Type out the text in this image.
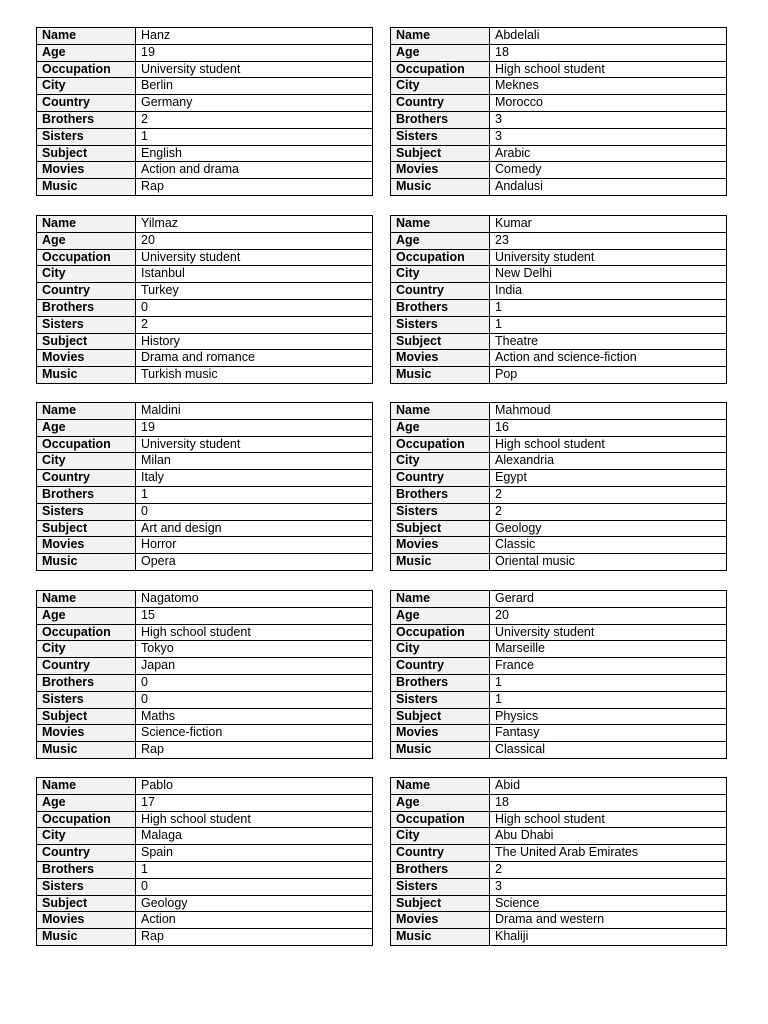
Name	Hanz
Age	19
Occupation	University student
City	Berlin
Country	Germany
Brothers	2
Sisters	1
Subject	English
Movies	Action and drama
Music	Rap
Name	Abdelali
Age	18
Occupation	High school student
City	Meknes
Country	Morocco
Brothers	3
Sisters	3
Subject	Arabic
Movies	Comedy
Music	Andalusi
Name	Yilmaz
Age	20
Occupation	University student
City	Istanbul
Country	Turkey
Brothers	0
Sisters	2
Subject	History
Movies	Drama and romance
Music	Turkish music
Name	Kumar
Age	23
Occupation	University student
City	New Delhi
Country	India
Brothers	1
Sisters	1
Subject	Theatre
Movies	Action and science-fiction
Music	Pop
Name	Maldini
Age	19
Occupation	University student
City	Milan
Country	Italy
Brothers	1
Sisters	0
Subject	Art and design
Movies	Horror
Music	Opera
Name	Mahmoud
Age	16
Occupation	High school student
City	Alexandria
Country	Egypt
Brothers	2
Sisters	2
Subject	Geology
Movies	Classic
Music	Oriental music
Name	Nagatomo
Age	15
Occupation	High school student
City	Tokyo
Country	Japan
Brothers	0
Sisters	0
Subject	Maths
Movies	Science-fiction
Music	Rap
Name	Gerard
Age	20
Occupation	University student
City	Marseille
Country	France
Brothers	1
Sisters	1
Subject	Physics
Movies	Fantasy
Music	Classical
Name	Pablo
Age	17
Occupation	High school student
City	Malaga
Country	Spain
Brothers	1
Sisters	0
Subject	Geology
Movies	Action
Music	Rap
Name	Abid
Age	18
Occupation	High school student
City	Abu Dhabi
Country	The United Arab Emirates
Brothers	2
Sisters	3
Subject	Science
Movies	Drama and western
Music	Khaliji
